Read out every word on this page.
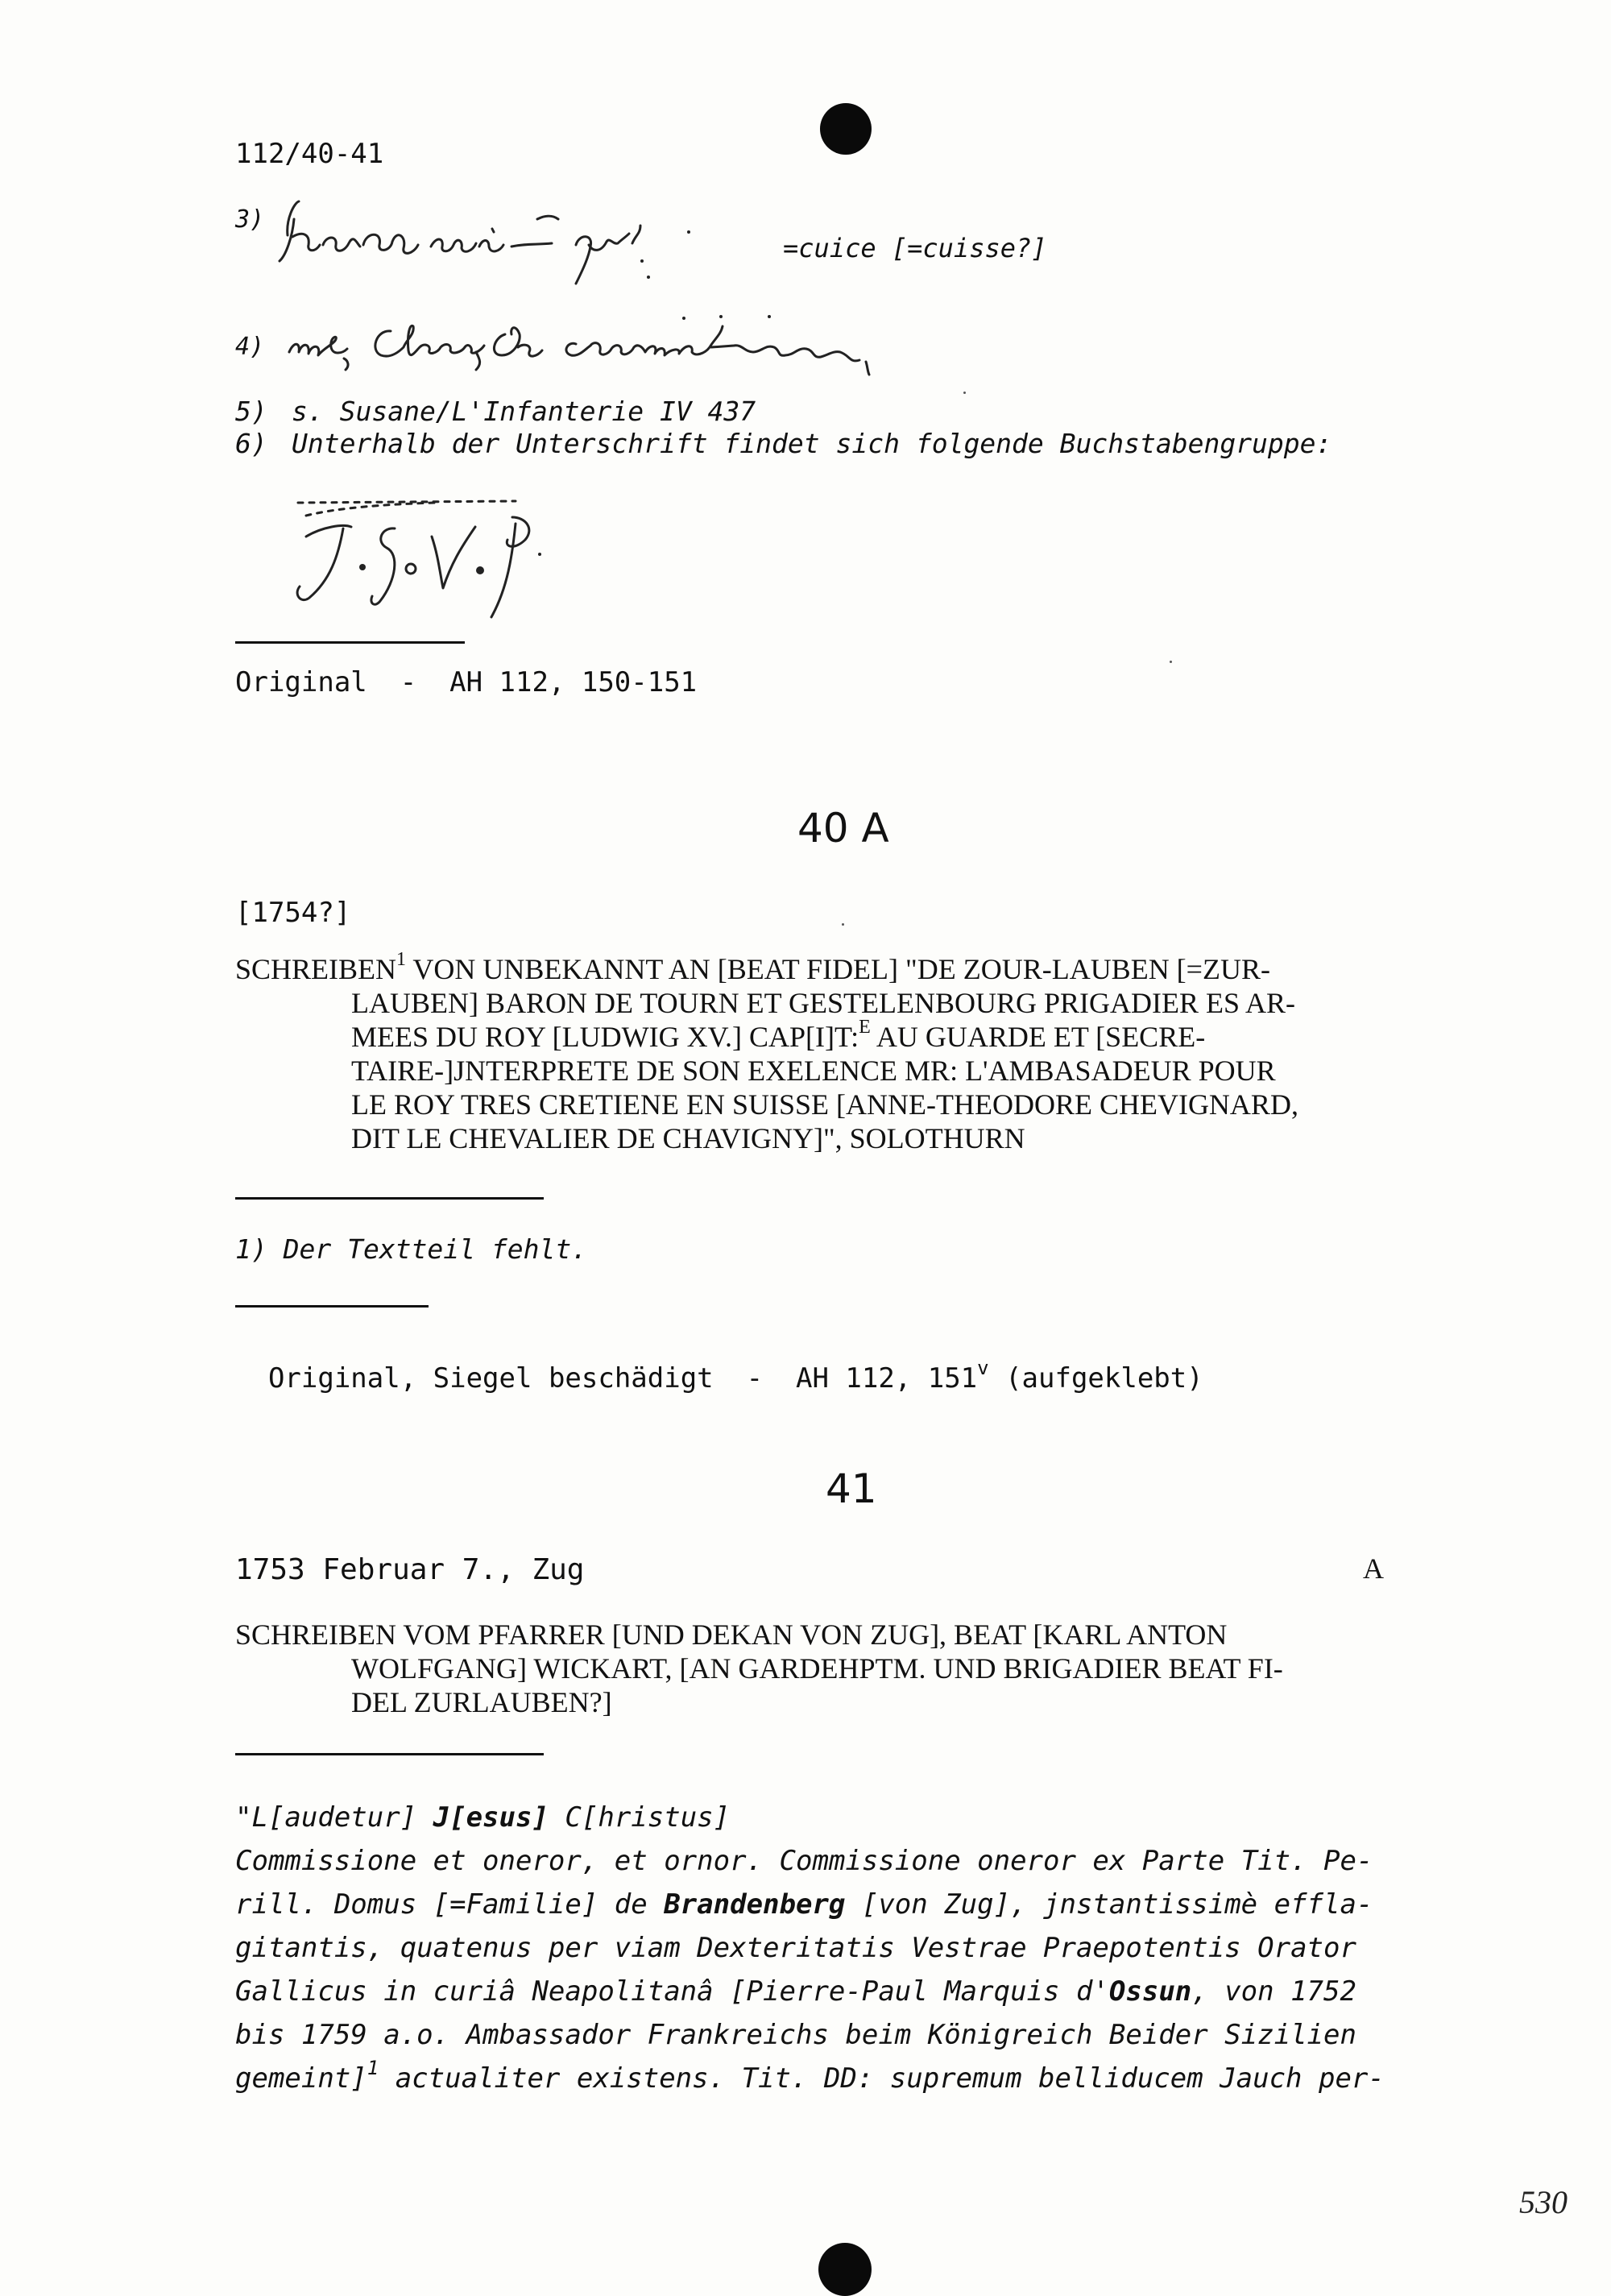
112/40-41
3)
=cuice [=cuisse?]
4)
5) s. Susane/L'Infanterie IV 437
6) Unterhalb der Unterschrift findet sich folgende Buchstabengruppe:
Original  -  AH 112, 150-151
40 A
[1754?]
SCHREIBEN$^1$ VON UNBEKANNT AN [BEAT FIDEL] "DE ZOUR-LAUBEN [=ZUR-
LAUBEN] BARON DE TOURN ET GESTELENBOURG PRIGADIER ES AR-
MEES DU ROY [LUDWIG XV.] CAP[I]T:$^E$ AU GUARDE ET [SECRE-
TAIRE-]JNTERPRETE DE SON EXELENCE MR: L'AMBASADEUR POUR
LE ROY TRES CRETIENE EN SUISSE [ANNE-THEODORE CHEVIGNARD,
DIT LE CHEVALIER DE CHAVIGNY]", SOLOTHURN
1) Der Textteil fehlt.

Original, Siegel beschädigt  -  AH 112, 151$^v$ (aufgeklebt)

41
1753 Februar 7., Zug	A
SCHREIBEN VOM PFARRER [UND DEKAN VON ZUG], BEAT [KARL ANTON
WOLFGANG] WICKART, [AN GARDEHPTM. UND BRIGADIER BEAT FI-
DEL ZURLAUBEN?]
"L[audetur] J[esus] C[hristus]
Commissione et oneror, et ornor. Commissione oneror ex Parte Tit. Pe-
rill. Domus [=Familie] de Brandenberg [von Zug], jnstantissimè effla-
gitantis, quatenus per viam Dexteritatis Vestrae Praepotentis Orator
Gallicus in curiâ Neapolitanâ [Pierre-Paul Marquis d'Ossun, von 1752
bis 1759 a.o. Ambassador Frankreichs beim Königreich Beider Sizilien
gemeint]$^1$ actualiter existens. Tit. DD: supremum belliducem Jauch per-
530
